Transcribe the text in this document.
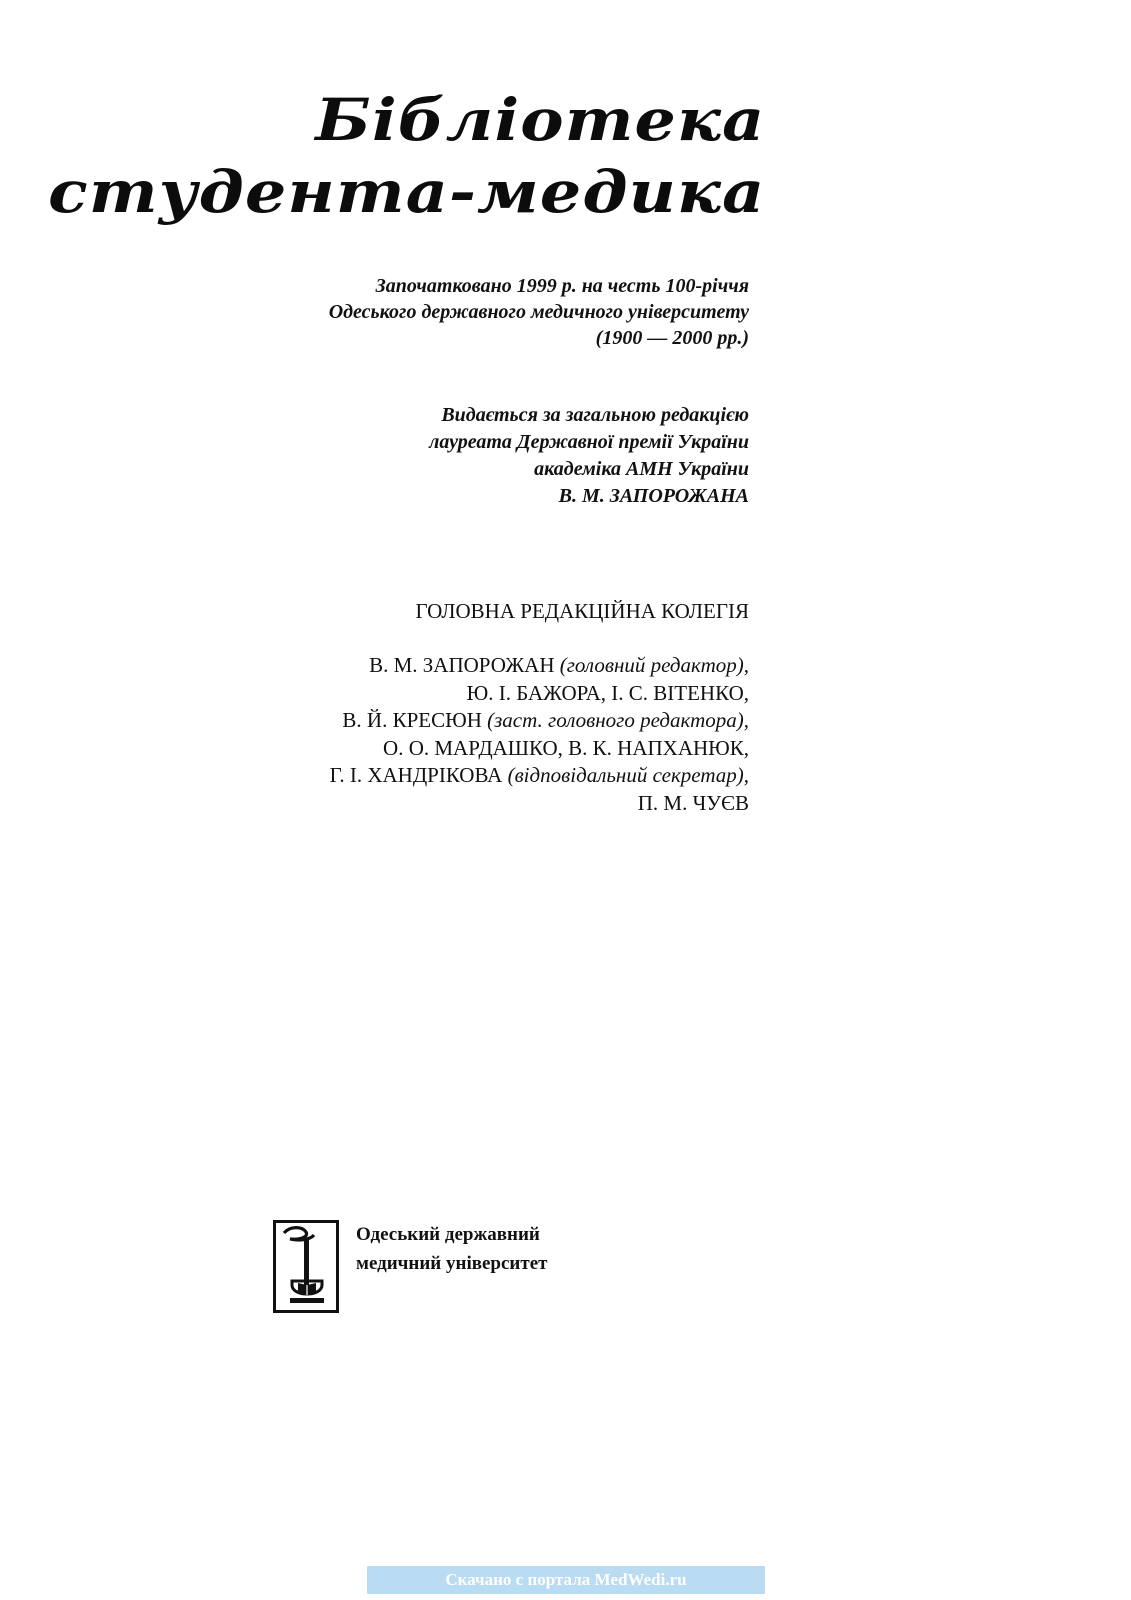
Бібліотека
студента-медика
Започатковано 1999 р. на честь 100-річчя
Одеського державного медичного університету
(1900 — 2000 рр.)
Видається за загальною редакцією
лауреата Державної премії України
академіка АМН України
В. М. ЗАПОРОЖАНА
ГОЛОВНА РЕДАКЦІЙНА КОЛЕГІЯ
В. М. ЗАПОРОЖАН (головний редактор),
Ю. І. БАЖОРА, І. С. ВІТЕНКО,
В. Й. КРЕСЮН (заст. головного редактора),
О. О. МАРДАШКО, В. К. НАПХАНЮК,
Г. І. ХАНДРІКОВА (відповідальний секретар),
П. М. ЧУЄВ
Одеський державний
медичний університет
Скачано с портала MedWedi.ru
